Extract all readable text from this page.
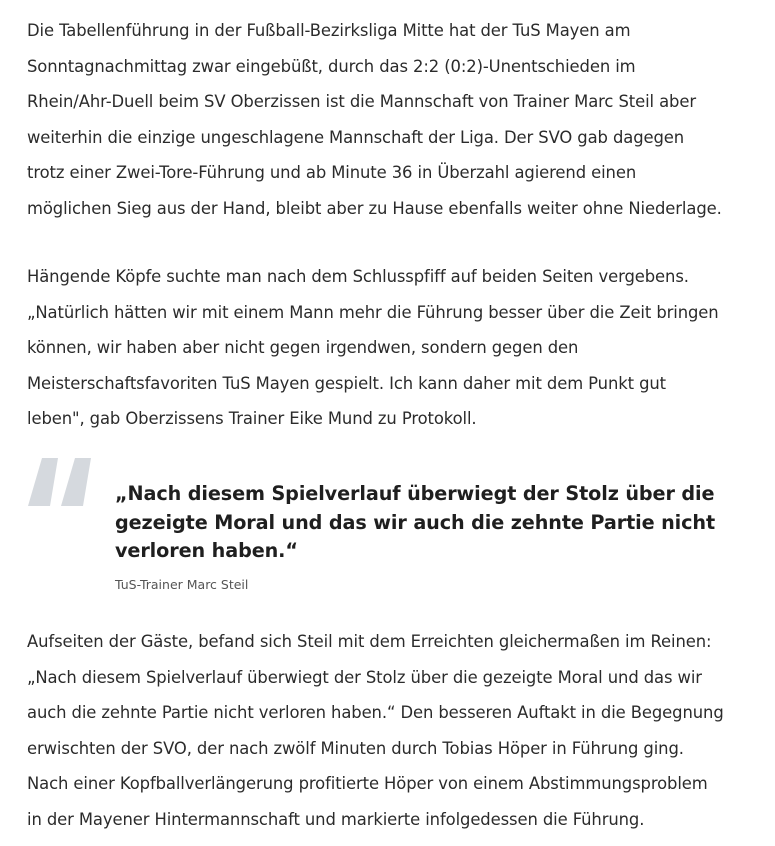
Die Tabellenführung in der Fußball-Bezirksliga Mitte hat der TuS Mayen am
Sonntagnachmittag zwar eingebüßt, durch das 2:2 (0:2)-Unentschieden im
Rhein/Ahr-Duell beim SV Oberzissen ist die Mannschaft von Trainer Marc Steil aber
weiterhin die einzige ungeschlagene Mannschaft der Liga. Der SVO gab dagegen
trotz einer Zwei-Tore-Führung und ab Minute 36 in Überzahl agierend einen
möglichen Sieg aus der Hand, bleibt aber zu Hause ebenfalls weiter ohne Niederlage.

Hängende Köpfe suchte man nach dem Schlusspfiff auf beiden Seiten vergebens.
„Natürlich hätten wir mit einem Mann mehr die Führung besser über die Zeit bringen
können, wir haben aber nicht gegen irgendwen, sondern gegen den
Meisterschaftsfavoriten TuS Mayen gespielt. Ich kann daher mit dem Punkt gut
leben", gab Oberzissens Trainer Eike Mund zu Protokoll.

„Nach diesem Spielverlauf überwiegt der Stolz über die
gezeigte Moral und das wir auch die zehnte Partie nicht
verloren haben.“

TuS-Trainer Marc Steil

Aufseiten der Gäste, befand sich Steil mit dem Erreichten gleichermaßen im Reinen:
„Nach diesem Spielverlauf überwiegt der Stolz über die gezeigte Moral und das wir
auch die zehnte Partie nicht verloren haben.“ Den besseren Auftakt in die Begegnung
erwischten der SVO, der nach zwölf Minuten durch Tobias Höper in Führung ging.
Nach einer Kopfballverlängerung profitierte Höper von einem Abstimmungsproblem
in der Mayener Hintermannschaft und markierte infolgedessen die Führung.
